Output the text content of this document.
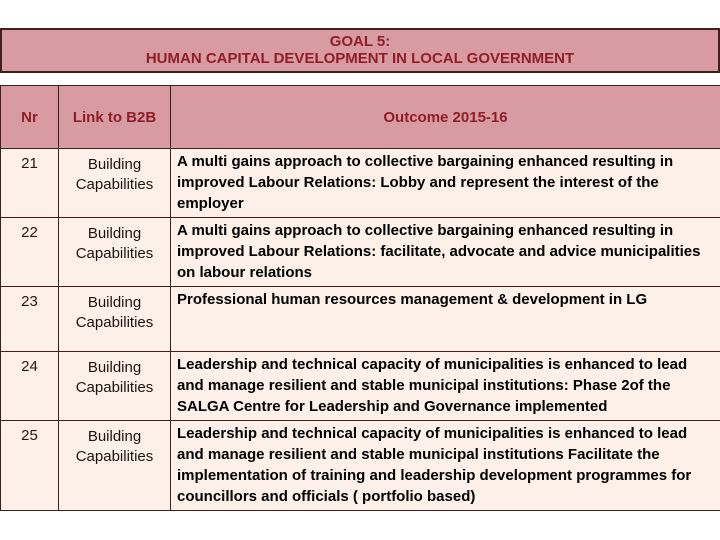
GOAL 5:
HUMAN CAPITAL DEVELOPMENT IN LOCAL GOVERNMENT
Nr	Link to B2B	Outcome 2015-16
21	Building Capabilities	A multi gains approach to collective bargaining enhanced resulting in improved Labour Relations: Lobby and represent the interest of the employer
22	Building Capabilities	A multi gains approach to collective bargaining enhanced resulting in improved Labour Relations: facilitate, advocate and advice municipalities on labour relations
23	Building Capabilities	Professional human resources management & development in LG
24	Building Capabilities	Leadership and technical capacity of municipalities is enhanced to lead and manage resilient and stable municipal institutions: Phase 2of the SALGA Centre for Leadership and Governance implemented
25	Building Capabilities	Leadership and technical capacity of municipalities is enhanced to lead and manage resilient and stable municipal institutions Facilitate the implementation of training and leadership development programmes for councillors and officials ( portfolio based)
